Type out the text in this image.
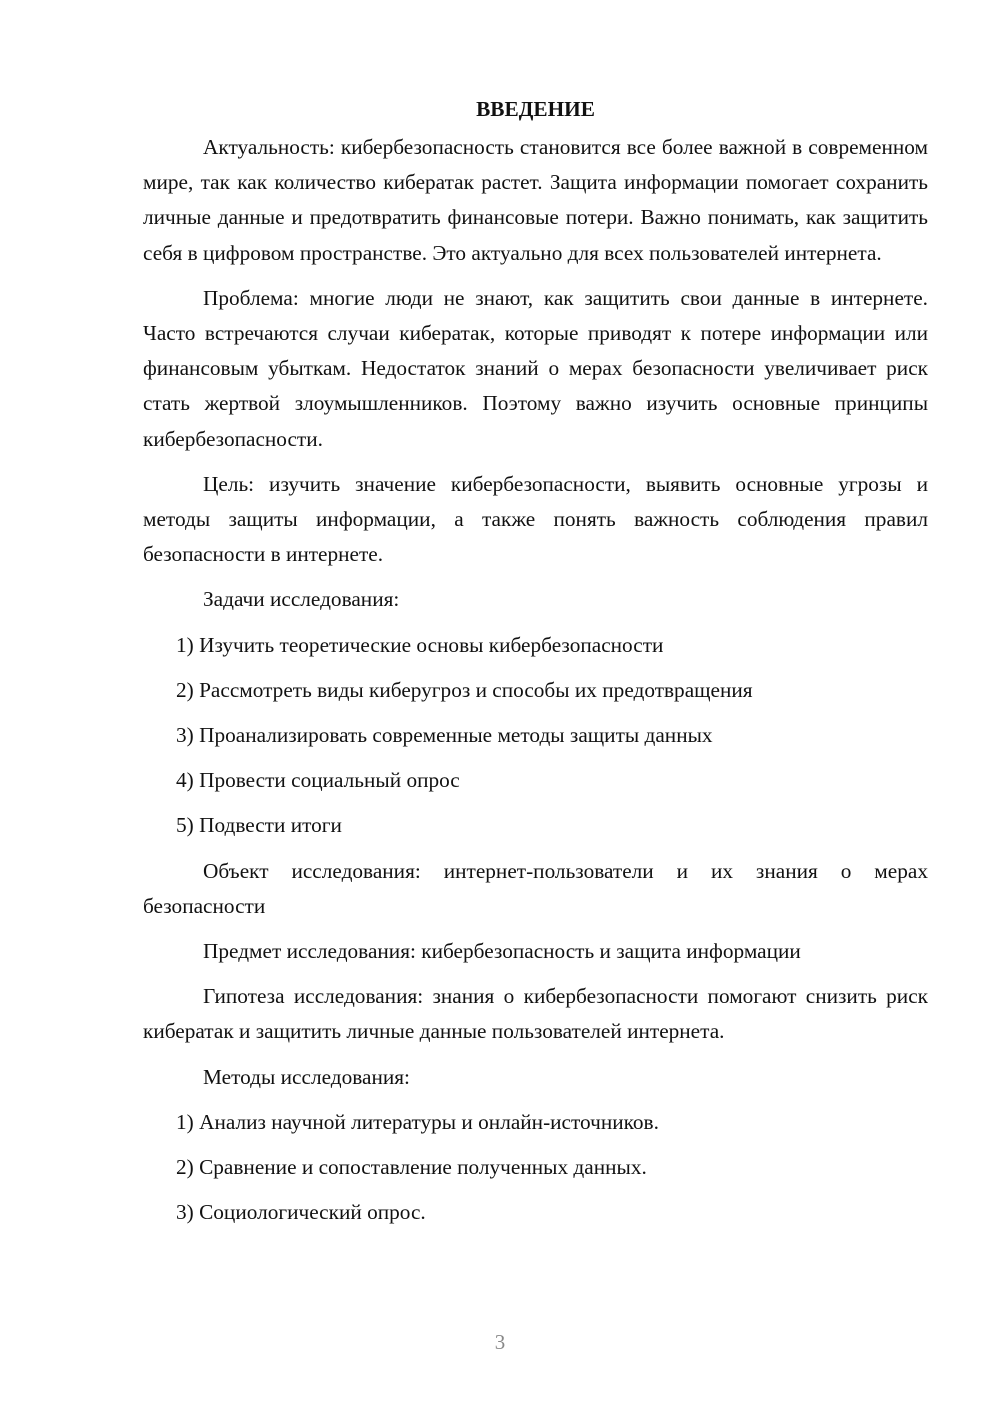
ВВЕДЕНИЕ

Актуальность: кибербезопасность становится все более важной в современном мире, так как количество кибератак растет. Защита информации помогает сохранить личные данные и предотвратить финансовые потери. Важно понимать, как защитить себя в цифровом пространстве. Это актуально для всех пользователей интернета.

Проблема: многие люди не знают, как защитить свои данные в интернете. Часто встречаются случаи кибератак, которые приводят к потере информации или финансовым убыткам. Недостаток знаний о мерах безопасности увеличивает риск стать жертвой злоумышленников. Поэтому важно изучить основные принципы кибербезопасности.

Цель: изучить значение кибербезопасности, выявить основные угрозы и методы защиты информации, а также понять важность соблюдения правил безопасности в интернете.

Задачи исследования:

1) Изучить теоретические основы кибербезопасности
2) Рассмотреть виды киберугроз и способы их предотвращения
3) Проанализировать современные методы защиты данных
4) Провести социальный опрос
5) Подвести итоги

Объект исследования: интернет-пользователи и их знания о мерах безопасности

Предмет исследования: кибербезопасность и защита информации

Гипотеза исследования: знания о кибербезопасности помогают снизить риск кибератак и защитить личные данные пользователей интернета.

Методы исследования:

1) Анализ научной литературы и онлайн-источников.
2) Сравнение и сопоставление полученных данных.
3) Социологический опрос.
3
